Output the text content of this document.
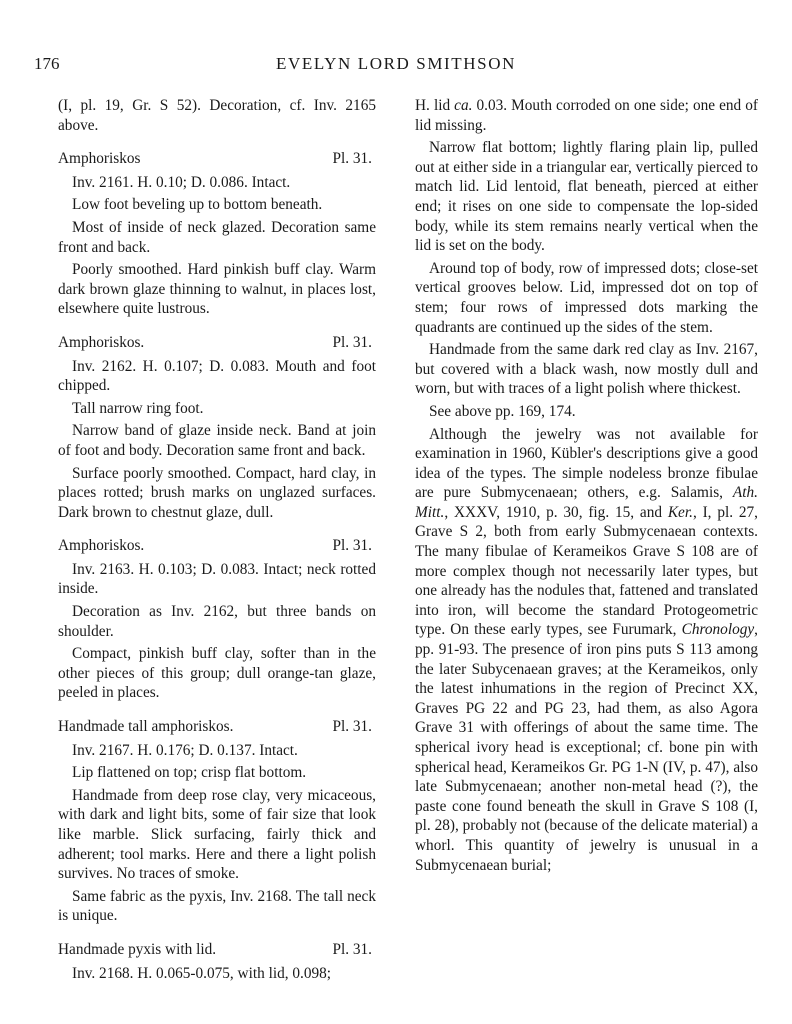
176	EVELYN LORD SMITHSON

(I, pl. 19, Gr. S 52). Decoration, cf. Inv. 2165 above.

Amphoriskos	Pl. 31.

Inv. 2161. H. 0.10; D. 0.086. Intact.

Low foot beveling up to bottom beneath.

Most of inside of neck glazed. Decoration same front and back.

Poorly smoothed. Hard pinkish buff clay. Warm dark brown glaze thinning to walnut, in places lost, elsewhere quite lustrous.

Amphoriskos.	Pl. 31.

Inv. 2162. H. 0.107; D. 0.083. Mouth and foot chipped.

Tall narrow ring foot.

Narrow band of glaze inside neck. Band at join of foot and body. Decoration same front and back.

Surface poorly smoothed. Compact, hard clay, in places rotted; brush marks on unglazed surfaces. Dark brown to chestnut glaze, dull.

Amphoriskos.	Pl. 31.

Inv. 2163. H. 0.103; D. 0.083. Intact; neck rotted inside.

Decoration as Inv. 2162, but three bands on shoulder.

Compact, pinkish buff clay, softer than in the other pieces of this group; dull orange-tan glaze, peeled in places.

Handmade tall amphoriskos.	Pl. 31.

Inv. 2167. H. 0.176; D. 0.137. Intact.

Lip flattened on top; crisp flat bottom.

Handmade from deep rose clay, very micaceous, with dark and light bits, some of fair size that look like marble. Slick surfacing, fairly thick and adherent; tool marks. Here and there a light polish survives. No traces of smoke.

Same fabric as the pyxis, Inv. 2168. The tall neck is unique.

Handmade pyxis with lid.	Pl. 31.

Inv. 2168. H. 0.065-0.075, with lid, 0.098;

H. lid ca. 0.03. Mouth corroded on one side; one end of lid missing.

Narrow flat bottom; lightly flaring plain lip, pulled out at either side in a triangular ear, vertically pierced to match lid. Lid lentoid, flat beneath, pierced at either end; it rises on one side to compensate the lop-sided body, while its stem remains nearly vertical when the lid is set on the body.

Around top of body, row of impressed dots; close-set vertical grooves below. Lid, impressed dot on top of stem; four rows of impressed dots marking the quadrants are continued up the sides of the stem.

Handmade from the same dark red clay as Inv. 2167, but covered with a black wash, now mostly dull and worn, but with traces of a light polish where thickest.

See above pp. 169, 174.

Although the jewelry was not available for examination in 1960, Kübler's descriptions give a good idea of the types. The simple nodeless bronze fibulae are pure Submycenaean; others, e.g. Salamis, Ath. Mitt., XXXV, 1910, p. 30, fig. 15, and Ker., I, pl. 27, Grave S 2, both from early Submycenaean contexts. The many fibulae of Kerameikos Grave S 108 are of more complex though not necessarily later types, but one already has the nodules that, fattened and translated into iron, will become the standard Protogeometric type. On these early types, see Furumark, Chronology, pp. 91-93. The presence of iron pins puts S 113 among the later Subycenaean graves; at the Kerameikos, only the latest inhumations in the region of Precinct XX, Graves PG 22 and PG 23, had them, as also Agora Grave 31 with offerings of about the same time. The spherical ivory head is exceptional; cf. bone pin with spherical head, Kerameikos Gr. PG 1-N (IV, p. 47), also late Submycenaean; another non-metal head (?), the paste cone found beneath the skull in Grave S 108 (I, pl. 28), probably not (because of the delicate material) a whorl. This quantity of jewelry is unusual in a Submycenaean burial;
